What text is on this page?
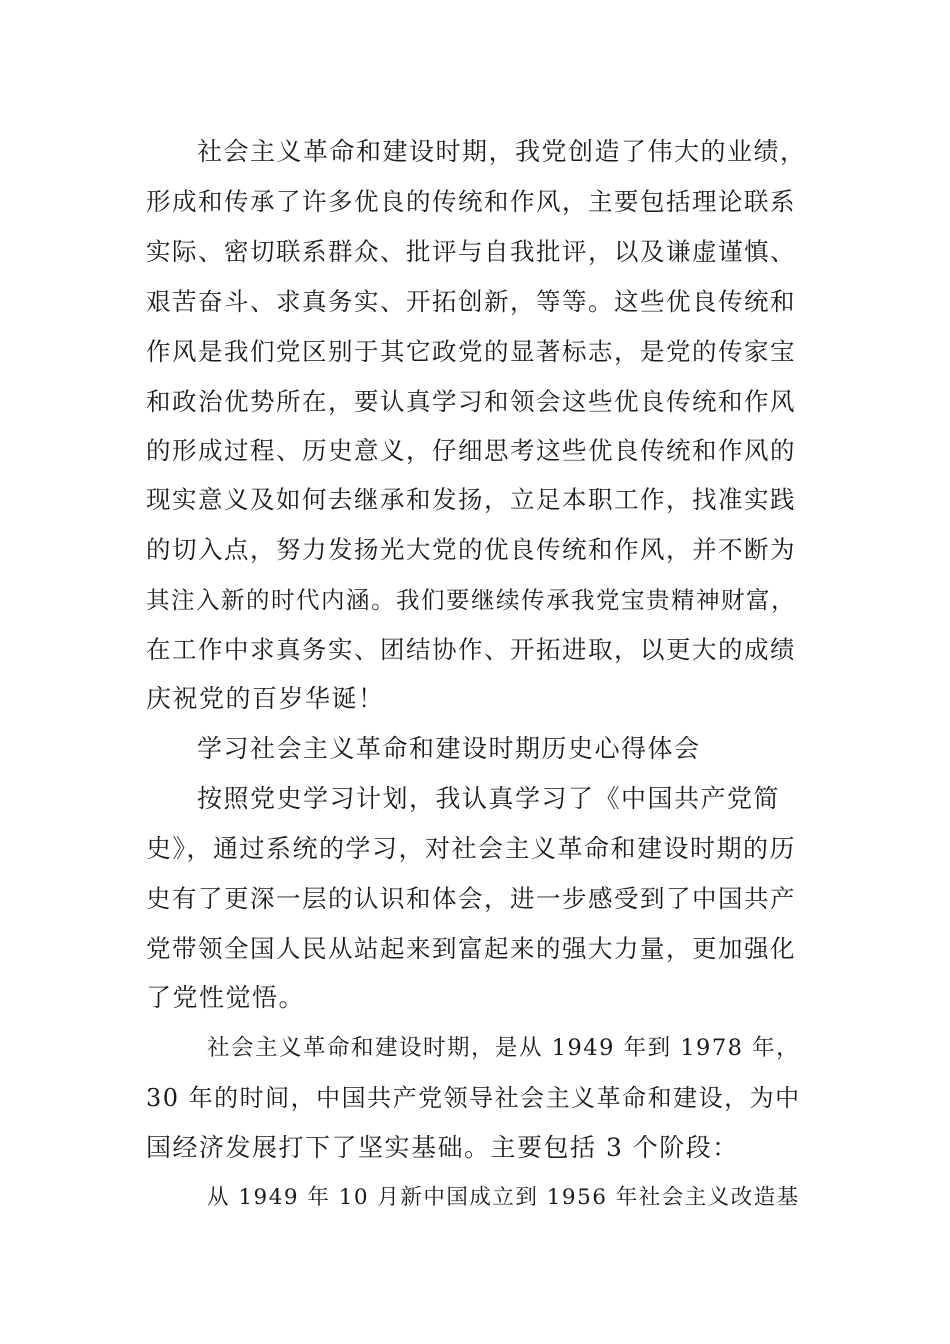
社会主义革命和建设时期，我党创造了伟大的业绩，

形成和传承了许多优良的传统和作风，主要包括理论联系

实际、密切联系群众、批评与自我批评，以及谦虚谨慎、

艰苦奋斗、求真务实、开拓创新，等等。这些优良传统和

作风是我们党区别于其它政党的显著标志，是党的传家宝

和政治优势所在，要认真学习和领会这些优良传统和作风

的形成过程、历史意义，仔细思考这些优良传统和作风的

现实意义及如何去继承和发扬，立足本职工作，找准实践

的切入点，努力发扬光大党的优良传统和作风，并不断为

其注入新的时代内涵。我们要继续传承我党宝贵精神财富，

在工作中求真务实、团结协作、开拓进取，以更大的成绩

庆祝党的百岁华诞！

学习社会主义革命和建设时期历史心得体会

按照党史学习计划，我认真学习了《中国共产党简

史》，通过系统的学习，对社会主义革命和建设时期的历

史有了更深一层的认识和体会，进一步感受到了中国共产

党带领全国人民从站起来到富起来的强大力量，更加强化

了党性觉悟。

社会主义革命和建设时期，是从 1949 年到 1978 年，

30 年的时间，中国共产党领导社会主义革命和建设，为中

国经济发展打下了坚实基础。主要包括 3 个阶段：

从 1949 年 10 月新中国成立到 1956 年社会主义改造基
